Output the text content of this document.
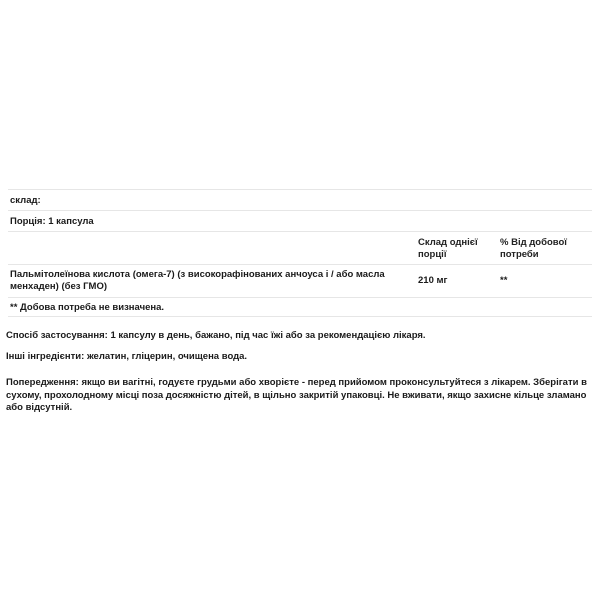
склад:
Порція: 1 капсула
Склад однієї порції
% Від добової потреби
Пальмітолеїнова кислота (омега-7) (з високорафінованих анчоуса і / або масла менхаден) (без ГМО)
210 мг	**
** Добова потреба не визначена.
Спосіб застосування: 1 капсулу в день, бажано, під час їжі або за рекомендацією лікаря.
Інші інгредієнти: желатин, гліцерин, очищена вода.
Попередження: якщо ви вагітні, годуєте грудьми або хворієте - перед прийомом проконсультуйтеся з лікарем. Зберігати в сухому, прохолодному місці поза досяжністю дітей, в щільно закритій упаковці. Не вживати, якщо захисне кільце зламано або відсутній.
